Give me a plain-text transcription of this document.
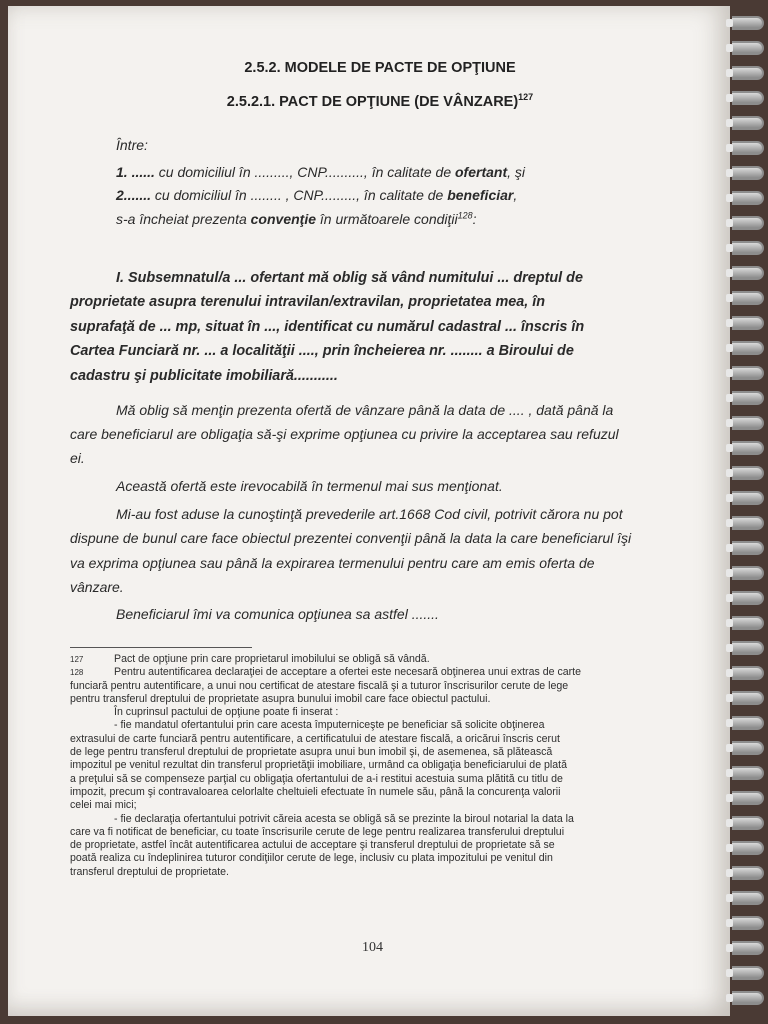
2.5.2. MODELE DE PACTE DE OPŢIUNE
2.5.2.1. PACT DE OPŢIUNE (DE VÂNZARE)$^{127}$
Între:
1. ...... cu domiciliul în ........., CNP.........., în calitate de ofertant, şi
2....... cu domiciliul în ........ , CNP........., în calitate de beneficiar,
s-a încheiat prezenta convenţie în următoarele condiţii$^{128}$:
I. Subsemnatul/a ... ofertant mă oblig să vând numitului ... dreptul de
proprietate asupra terenului intravilan/extravilan, proprietatea mea, în
suprafaţă de ... mp, situat în ..., identificat cu numărul cadastral ... înscris în
Cartea Funciară nr. ... a localităţii ...., prin încheierea nr. ........ a Biroului de
cadastru şi publicitate imobiliară...........
Mă oblig să menţin prezenta ofertă de vânzare până la data de .... , dată până la
care beneficiarul are obligaţia să-şi exprime opţiunea cu privire la acceptarea sau refuzul
ei.
Această ofertă este irevocabilă în termenul mai sus menţionat.
Mi-au fost aduse la cunoştinţă prevederile art.1668 Cod civil, potrivit cărora nu pot
dispune de bunul care face obiectul prezentei convenţii până la data la care beneficiarul îşi
va exprima opţiunea sau până la expirarea termenului pentru care am emis oferta de
vânzare.
Beneficiarul îmi va comunica opţiunea sa astfel .......
127	Pact de opţiune prin care proprietarul imobilului se obligă să vândă.
128	Pentru autentificarea declaraţiei de acceptare a ofertei este necesară obţinerea unui extras de carte
funciară pentru autentificare, a unui nou certificat de atestare fiscală şi a tuturor înscrisurilor cerute de lege
pentru transferul dreptului de proprietate asupra bunului imobil care face obiectul pactului.
În cuprinsul pactului de opţiune poate fi inserat :
- fie mandatul ofertantului prin care acesta împuterniceşte pe beneficiar să solicite obţinerea
extrasului de carte funciară pentru autentificare, a certificatului de atestare fiscală, a oricărui înscris cerut
de lege pentru transferul dreptului de proprietate asupra unui bun imobil şi, de asemenea, să plătească
impozitul pe venitul rezultat din transferul proprietăţii imobiliare, urmând ca obligaţia beneficiarului de plată
a preţului să se compenseze parţial cu obligaţia ofertantului de a-i restitui acestuia suma plătită cu titlu de
impozit, precum şi contravaloarea celorlalte cheltuieli efectuate în numele său, până la concurenţa valorii
celei mai mici;
- fie declaraţia ofertantului potrivit căreia acesta se obligă să se prezinte la biroul notarial la data la
care va fi notificat de beneficiar, cu toate înscrisurile cerute de lege pentru realizarea transferului dreptului
de proprietate, astfel încât autentificarea actului de acceptare şi transferul dreptului de proprietate să se
poată realiza cu îndeplinirea tuturor condiţiilor cerute de lege, inclusiv cu plata impozitului pe venitul din
transferul dreptului de proprietate.
104
